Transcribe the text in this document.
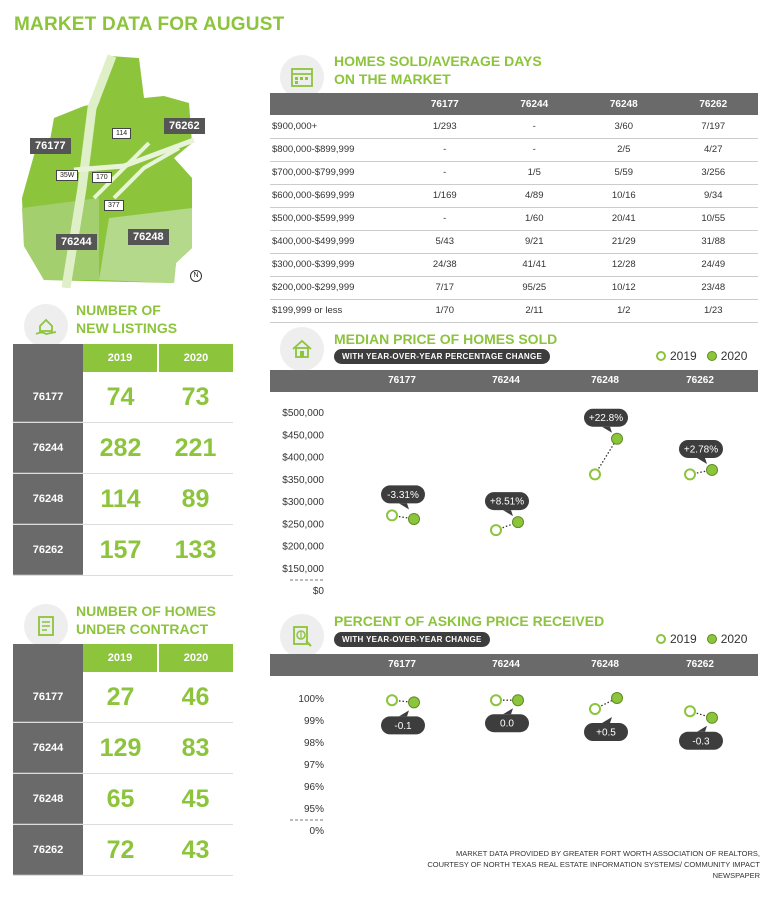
MARKET DATA FOR AUGUST
76177
76262
76244	76248
114
35W	170
377
N
HOMES SOLD/AVERAGE DAYS
ON THE MARKET
	76177	76244	76248	76262
$900,000+	1/293	-	3/60	7/197
$800,000-$899,999	-	-	2/5	4/27
$700,000-$799,999	-	1/5	5/59	3/256
$600,000-$699,999	1/169	4/89	10/16	9/34
$500,000-$599,999	-	1/60	20/41	10/55
$400,000-$499,999	5/43	9/21	21/29	31/88
$300,000-$399,999	24/38	41/41	12/28	24/49
$200,000-$299,999	7/17	95/25	10/12	23/48
$199,999 or less	1/70	2/11	1/2	1/23
NUMBER OF
NEW LISTINGS
2019	2020
76177	74	73
76244	282	221
76248	114	89
76262	157	133
NUMBER OF HOMES
UNDER CONTRACT
2019	2020
76177	27	46
76244	129	83
76248	65	45
76262	72	43
MEDIAN PRICE OF HOMES SOLD
WITH YEAR-OVER-YEAR PERCENTAGE CHANGE	2019 2020
76177	76244	76248	76262
$500,000
$450,000
$400,000
$350,000
$300,000
$250,000
$200,000
$150,000
$0
-3.31%
+8.51%
+22.8%
+2.78%
PERCENT OF ASKING PRICE RECEIVED
WITH YEAR-OVER-YEAR CHANGE	2019 2020
76177	76244	76248	76262
100%
99%
98%
97%
96%
95%
0%
-0.1	0.0
+0.5
-0.3
MARKET DATA PROVIDED BY GREATER FORT WORTH ASSOCIATION OF REALTORS, COURTESY OF NORTH TEXAS REAL ESTATE INFORMATION SYSTEMS/ COMMUNITY IMPACT NEWSPAPER
